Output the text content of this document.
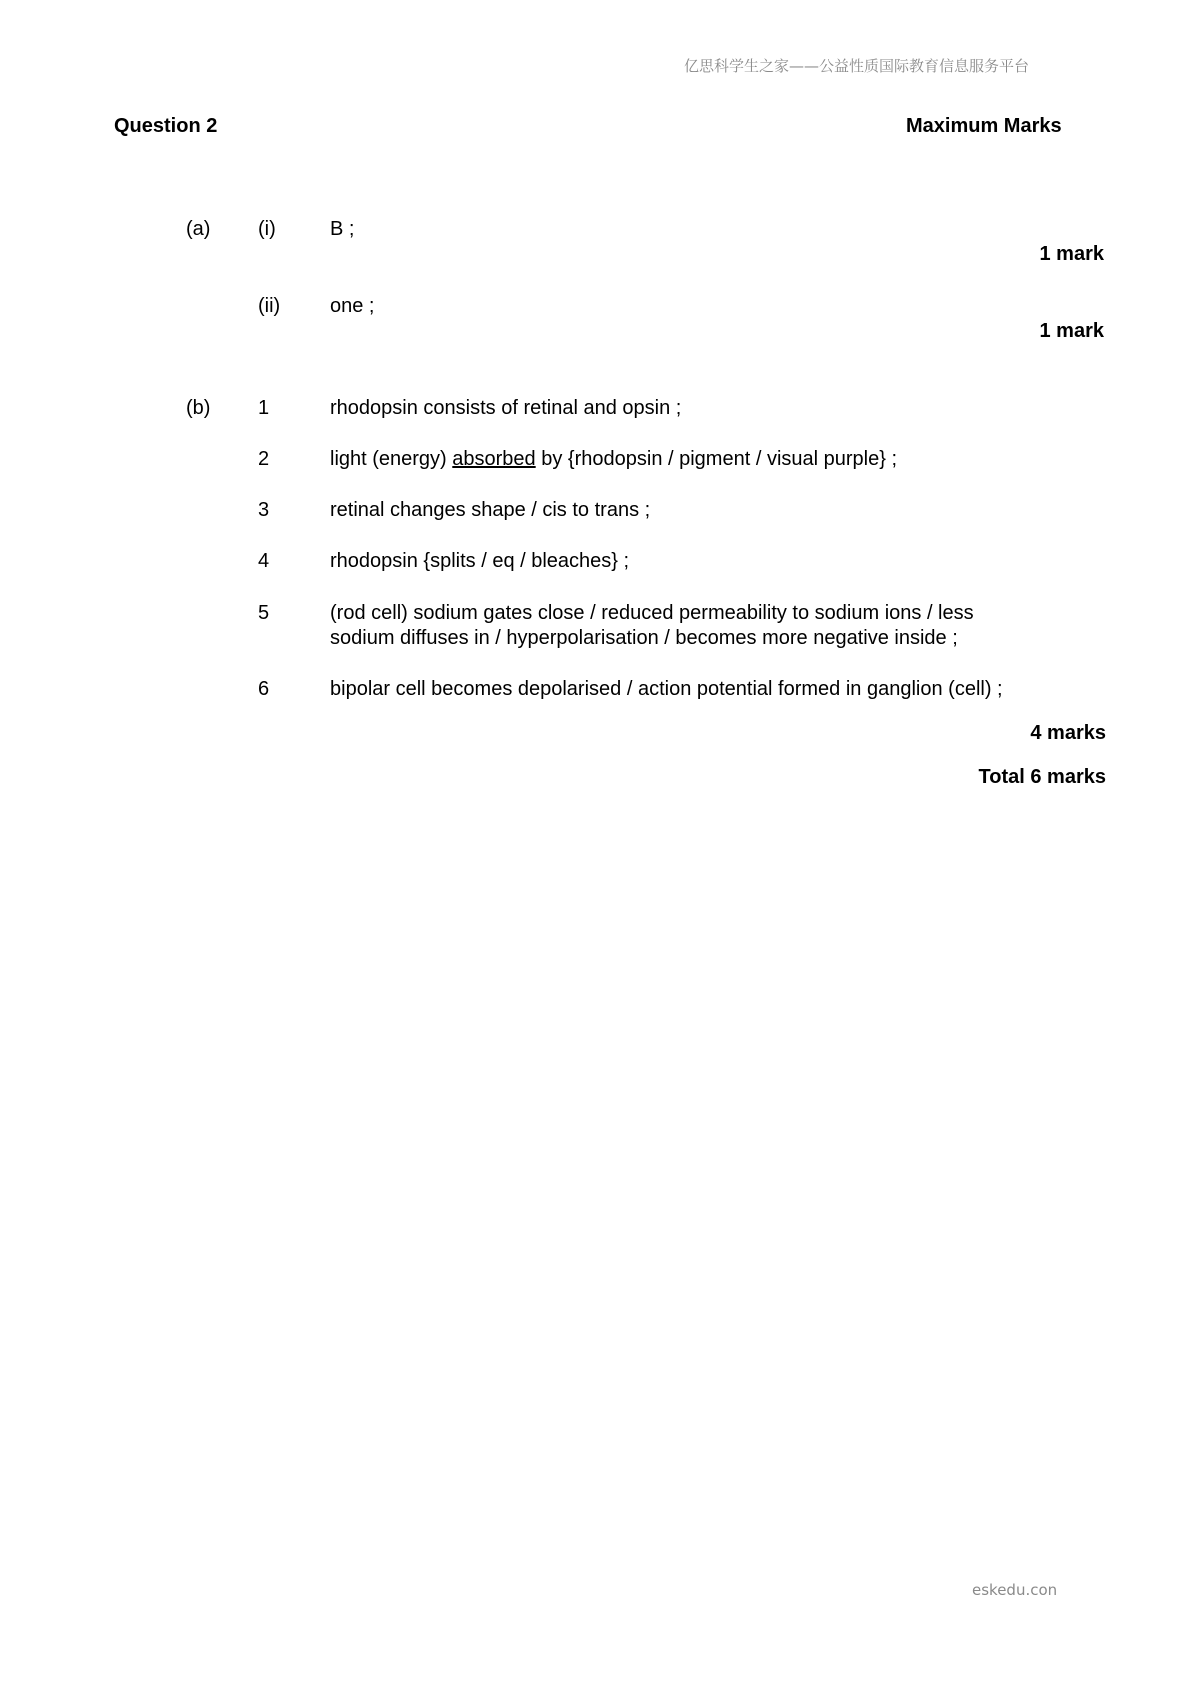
亿思科学生之家——公益性质国际教育信息服务平台
Question 2	Maximum Marks
(a) (i)	B ;
1 mark
(ii) one ;
1 mark
(b) 1	rhodopsin consists of retinal and opsin ;
2	light (energy) absorbed by {rhodopsin / pigment / visual purple} ;
3	retinal changes shape / cis to trans ;
4	rhodopsin {splits / eq / bleaches} ;
5	(rod cell) sodium gates close / reduced permeability to sodium ions / less
sodium diffuses in / hyperpolarisation / becomes more negative inside ;
6	bipolar cell becomes depolarised / action potential formed in ganglion (cell) ;
4 marks
Total 6 marks
eskedu.con
